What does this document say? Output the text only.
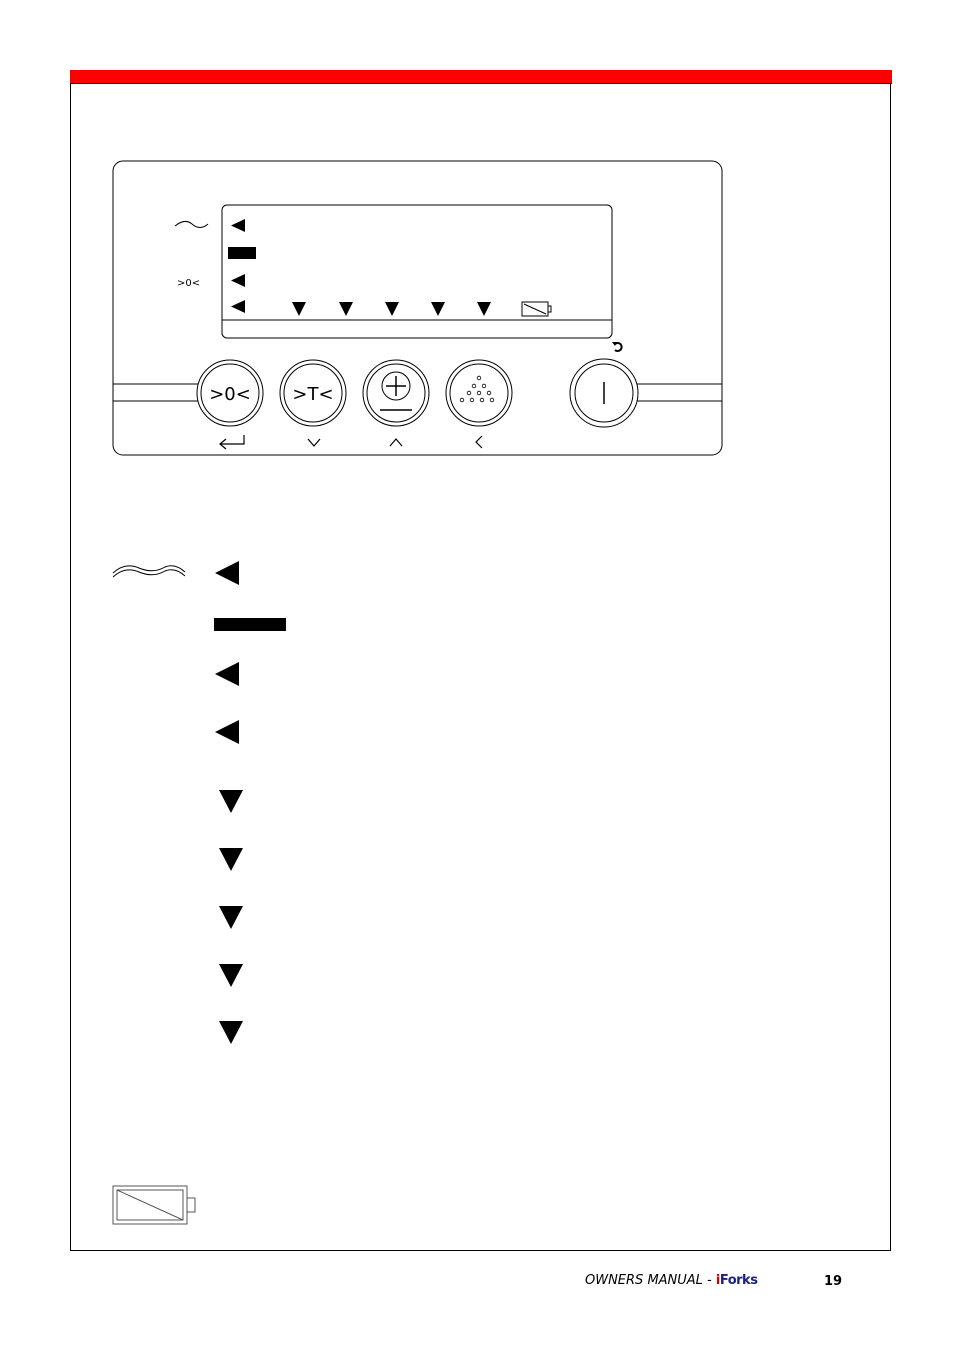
>0<
>0< >T<
OWNERS MANUAL - iForks	19
